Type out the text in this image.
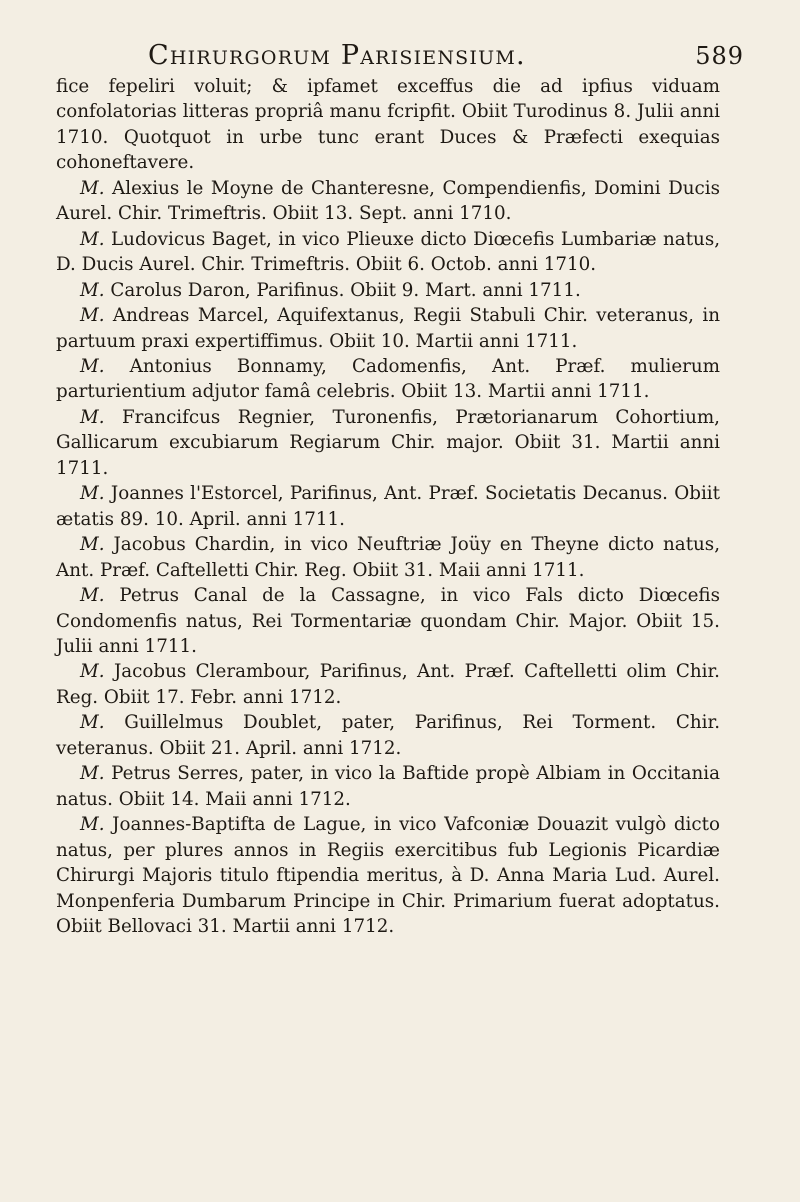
Chirurgorum Parisiensium.	589

fice fepeliri voluit; & ipfamet exceffus die ad ipfius viduam confolatorias litteras propriâ manu fcripfit. Obiit Turodinus 8. Julii anni 1710. Quotquot in urbe tunc erant Duces & Præfecti exequias cohoneftavere.

M. Alexius le Moyne de Chanteresne, Compendienfis, Domini Ducis Aurel. Chir. Trimeftris. Obiit 13. Sept. anni 1710.

M. Ludovicus Baget, in vico Plieuxe dicto Diœcefis Lumbariæ natus, D. Ducis Aurel. Chir. Trimeftris. Obiit 6. Octob. anni 1710.

M. Carolus Daron, Parifinus. Obiit 9. Mart. anni 1711.

M. Andreas Marcel, Aquifextanus, Regii Stabuli Chir. veteranus, in partuum praxi expertiffimus. Obiit 10. Martii anni 1711.

M. Antonius Bonnamy, Cadomenfis, Ant. Præf. mulierum parturientium adjutor famâ celebris. Obiit 13. Martii anni 1711.

M. Francifcus Regnier, Turonenfis, Prætorianarum Cohortium, Gallicarum excubiarum Regiarum Chir. major. Obiit 31. Martii anni 1711.

M. Joannes l'Estorcel, Parifinus, Ant. Præf. Societatis Decanus. Obiit ætatis 89. 10. April. anni 1711.

M. Jacobus Chardin, in vico Neuftriæ Joüy en Theyne dicto natus, Ant. Præf. Caftelletti Chir. Reg. Obiit 31. Maii anni 1711.

M. Petrus Canal de la Cassagne, in vico Fals dicto Diœcefis Condomenfis natus, Rei Tormentariæ quondam Chir. Major. Obiit 15. Julii anni 1711.

M. Jacobus Clerambour, Parifinus, Ant. Præf. Caftelletti olim Chir. Reg. Obiit 17. Febr. anni 1712.

M. Guillelmus Doublet, pater, Parifinus, Rei Torment. Chir. veteranus. Obiit 21. April. anni 1712.

M. Petrus Serres, pater, in vico la Baftide propè Albiam in Occitania natus. Obiit 14. Maii anni 1712.

M. Joannes-Baptifta de Lague, in vico Vafconiæ Douazit vulgò dicto natus, per plures annos in Regiis exercitibus fub Legionis Picardiæ Chirurgi Majoris titulo ftipendia meritus, à D. Anna Maria Lud. Aurel. Monpenferia Dumbarum Principe in Chir. Primarium fuerat adoptatus. Obiit Bellovaci 31. Martii anni 1712.
